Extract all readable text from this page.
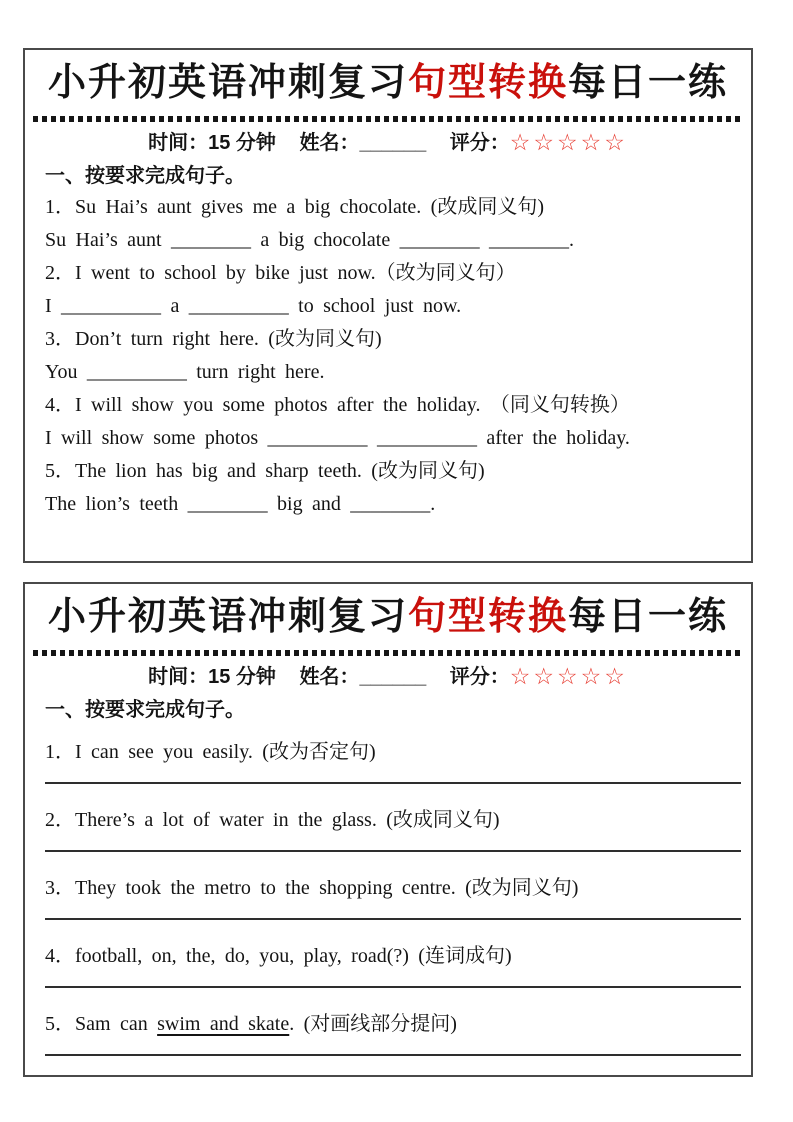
小升初英语冲刺复习句型转换每日一练
时间：15 分钟 姓名：______ 评分：☆☆☆☆☆
一、按要求完成句子。
1．Su Hai’s aunt gives me a big chocolate. (改成同义句)
Su Hai’s aunt ________ a big chocolate ________ ________.
2．I went to school by bike just now.（改为同义句）
I __________ a __________ to school just now.
3．Don’t turn right here. (改为同义句)
You __________ turn right here.
4．I will show you some photos after the holiday. （同义句转换）
I will show some photos __________ __________ after the holiday.
5．The lion has big and sharp teeth. (改为同义句)
The lion’s teeth ________ big and ________.
小升初英语冲刺复习句型转换每日一练
时间：15 分钟 姓名：______ 评分：☆☆☆☆☆
一、按要求完成句子。
1．I can see you easily. (改为否定句)
2．There’s a lot of water in the glass. (改成同义句)
3．They took the metro to the shopping centre. (改为同义句)
4．football, on, the, do, you, play, road(?) (连词成句)
5．Sam can swim and skate. (对画线部分提问)
